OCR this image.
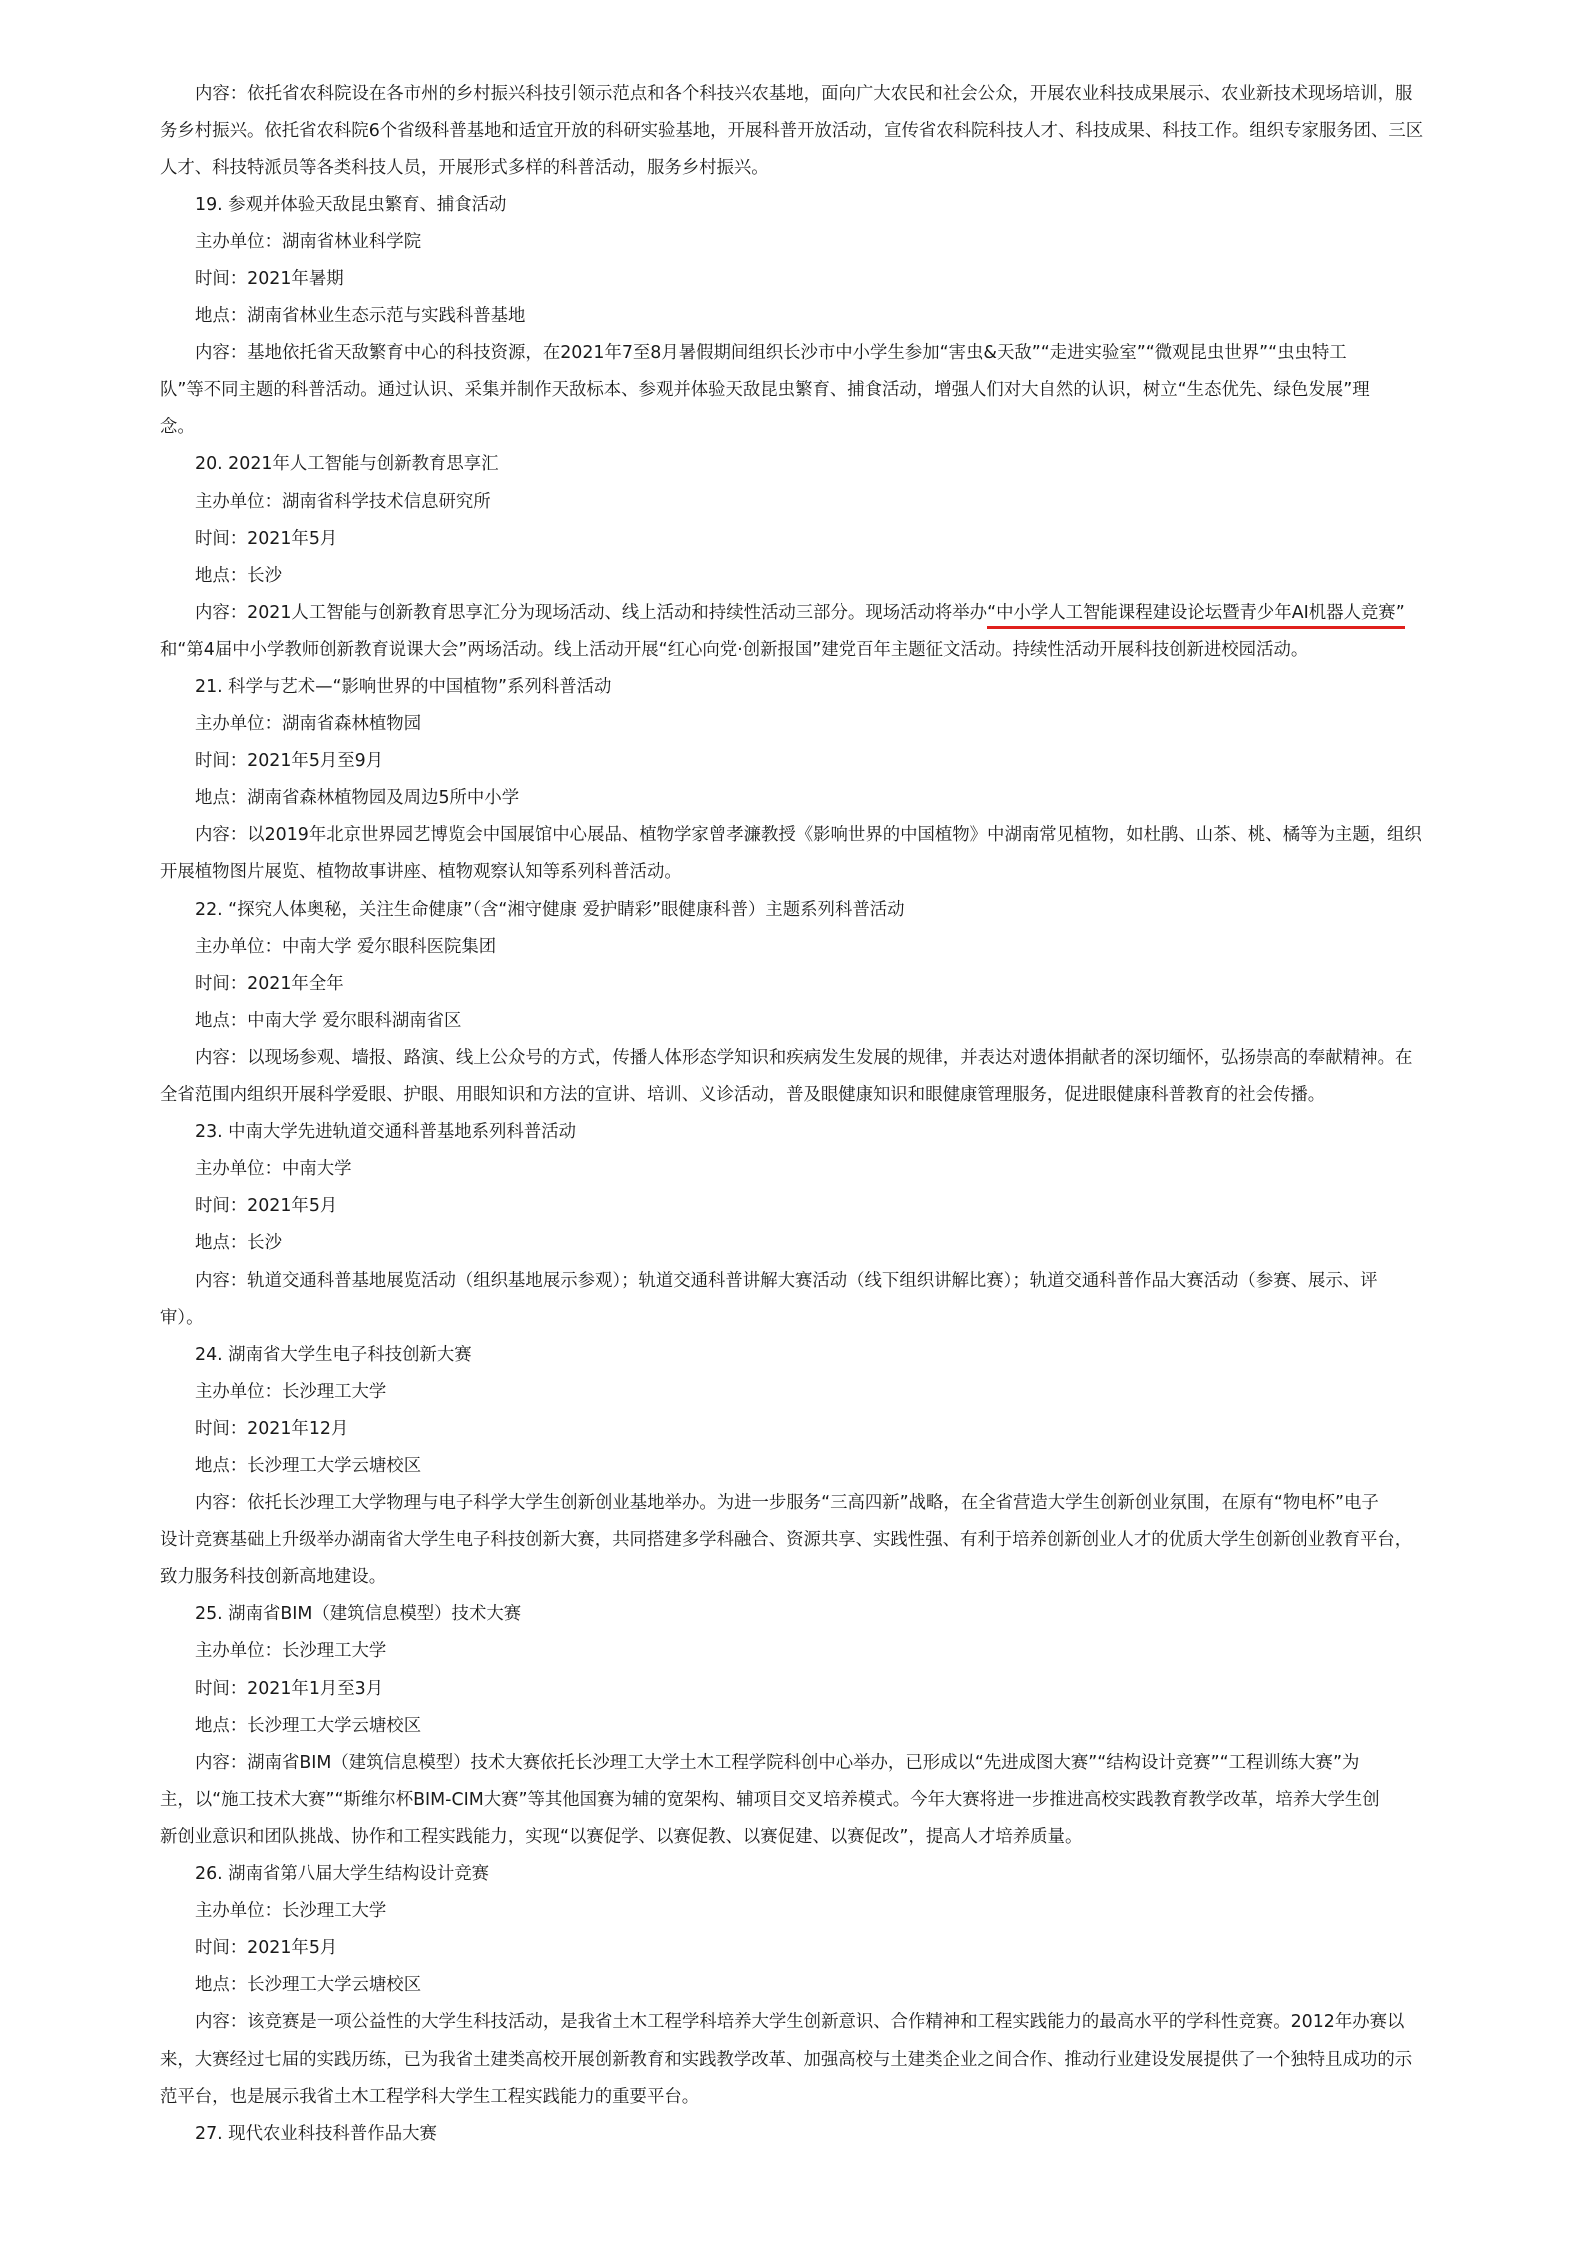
内容：依托省农科院设在各市州的乡村振兴科技引领示范点和各个科技兴农基地，面向广大农民和社会公众，开展农业科技成果展示、农业新技术现场培训，服
务乡村振兴。依托省农科院6个省级科普基地和适宜开放的科研实验基地，开展科普开放活动，宣传省农科院科技人才、科技成果、科技工作。组织专家服务团、三区
人才、科技特派员等各类科技人员，开展形式多样的科普活动，服务乡村振兴。
19. 参观并体验天敌昆虫繁育、捕食活动
主办单位：湖南省林业科学院
时间：2021年暑期
地点：湖南省林业生态示范与实践科普基地
内容：基地依托省天敌繁育中心的科技资源，在2021年7至8月暑假期间组织长沙市中小学生参加“害虫&天敌”“走进实验室”“微观昆虫世界”“虫虫特工
队”等不同主题的科普活动。通过认识、采集并制作天敌标本、参观并体验天敌昆虫繁育、捕食活动，增强人们对大自然的认识，树立“生态优先、绿色发展”理
念。
20. 2021年人工智能与创新教育思享汇
主办单位：湖南省科学技术信息研究所
时间：2021年5月
地点：长沙
内容：2021人工智能与创新教育思享汇分为现场活动、线上活动和持续性活动三部分。现场活动将举办“中小学人工智能课程建设论坛暨青少年AI机器人竞赛”
和“第4届中小学教师创新教育说课大会”两场活动。线上活动开展“红心向党·创新报国”建党百年主题征文活动。持续性活动开展科技创新进校园活动。
21. 科学与艺术—“影响世界的中国植物”系列科普活动
主办单位：湖南省森林植物园
时间：2021年5月至9月
地点：湖南省森林植物园及周边5所中小学
内容：以2019年北京世界园艺博览会中国展馆中心展品、植物学家曾孝濂教授《影响世界的中国植物》中湖南常见植物，如杜鹃、山茶、桃、橘等为主题，组织
开展植物图片展览、植物故事讲座、植物观察认知等系列科普活动。
22. “探究人体奥秘，关注生命健康”（含“湘守健康 爱护睛彩”眼健康科普）主题系列科普活动
主办单位：中南大学 爱尔眼科医院集团
时间：2021年全年
地点：中南大学 爱尔眼科湖南省区
内容：以现场参观、墙报、路演、线上公众号的方式，传播人体形态学知识和疾病发生发展的规律，并表达对遗体捐献者的深切缅怀，弘扬崇高的奉献精神。在
全省范围内组织开展科学爱眼、护眼、用眼知识和方法的宣讲、培训、义诊活动，普及眼健康知识和眼健康管理服务，促进眼健康科普教育的社会传播。
23. 中南大学先进轨道交通科普基地系列科普活动
主办单位：中南大学
时间：2021年5月
地点：长沙
内容：轨道交通科普基地展览活动（组织基地展示参观）；轨道交通科普讲解大赛活动（线下组织讲解比赛）；轨道交通科普作品大赛活动（参赛、展示、评
审）。
24. 湖南省大学生电子科技创新大赛
主办单位：长沙理工大学
时间：2021年12月
地点：长沙理工大学云塘校区
内容：依托长沙理工大学物理与电子科学大学生创新创业基地举办。为进一步服务“三高四新”战略，在全省营造大学生创新创业氛围，在原有“物电杯”电子
设计竞赛基础上升级举办湖南省大学生电子科技创新大赛，共同搭建多学科融合、资源共享、实践性强、有利于培养创新创业人才的优质大学生创新创业教育平台，
致力服务科技创新高地建设。
25. 湖南省BIM（建筑信息模型）技术大赛
主办单位：长沙理工大学
时间：2021年1月至3月
地点：长沙理工大学云塘校区
内容：湖南省BIM（建筑信息模型）技术大赛依托长沙理工大学土木工程学院科创中心举办，已形成以“先进成图大赛”“结构设计竞赛”“工程训练大赛”为
主，以“施工技术大赛”“斯维尔杯BIM-CIM大赛”等其他国赛为辅的宽架构、辅项目交叉培养模式。今年大赛将进一步推进高校实践教育教学改革，培养大学生创
新创业意识和团队挑战、协作和工程实践能力，实现“以赛促学、以赛促教、以赛促建、以赛促改”，提高人才培养质量。
26. 湖南省第八届大学生结构设计竞赛
主办单位：长沙理工大学
时间：2021年5月
地点：长沙理工大学云塘校区
内容：该竞赛是一项公益性的大学生科技活动，是我省土木工程学科培养大学生创新意识、合作精神和工程实践能力的最高水平的学科性竞赛。2012年办赛以
来，大赛经过七届的实践历练，已为我省土建类高校开展创新教育和实践教学改革、加强高校与土建类企业之间合作、推动行业建设发展提供了一个独特且成功的示
范平台，也是展示我省土木工程学科大学生工程实践能力的重要平台。
27. 现代农业科技科普作品大赛
